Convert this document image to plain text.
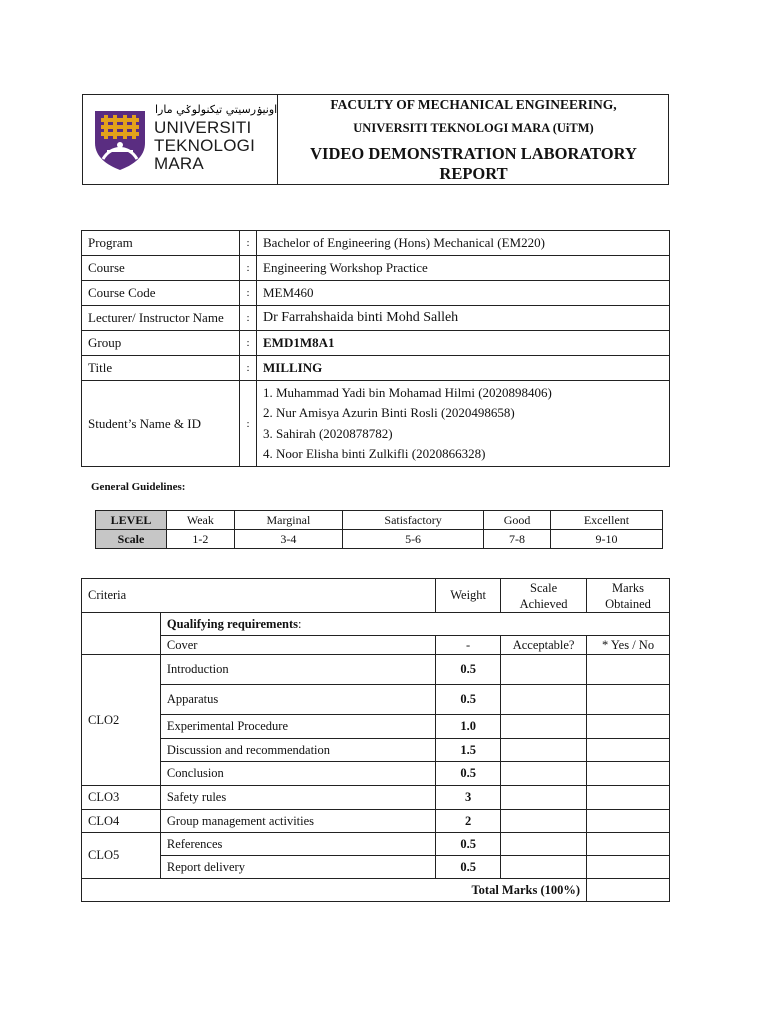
اونيۏرسيتي تيكنولوݢي مارا
UNIVERSITI
TEKNOLOGI
MARA
FACULTY OF MECHANICAL ENGINEERING,
UNIVERSITI TEKNOLOGI MARA (UiTM)
VIDEO DEMONSTRATION LABORATORY REPORT
Program	:	Bachelor of Engineering (Hons) Mechanical (EM220)
Course	:	Engineering Workshop Practice
Course Code	:	MEM460
Lecturer/ Instructor Name	:	Dr Farrahshaida binti Mohd Salleh
Group	:	EMD1M8A1
Title	:	MILLING
Student’s Name & ID	:	1. Muhammad Yadi bin Mohamad Hilmi (2020898406)
2. Nur Amisya Azurin Binti Rosli (2020498658)
3. Sahirah (2020878782)
4. Noor Elisha binti Zulkifli (2020866328)
General Guidelines:
LEVEL	Weak	Marginal	Satisfactory	Good	Excellent
Scale	1-2	3-4	5-6	7-8	9-10
Criteria		Weight	Scale Achieved	Marks Obtained
	Qualifying requirements:			
	Cover	-	Acceptable?	* Yes / No
CLO2	Introduction	0.5		
	Apparatus	0.5		
	Experimental Procedure	1.0		
	Discussion and recommendation	1.5		
	Conclusion	0.5		
CLO3	Safety rules	3		
CLO4	Group management activities	2		
CLO5	References	0.5		
	Report delivery	0.5		
Total Marks (100%)				
